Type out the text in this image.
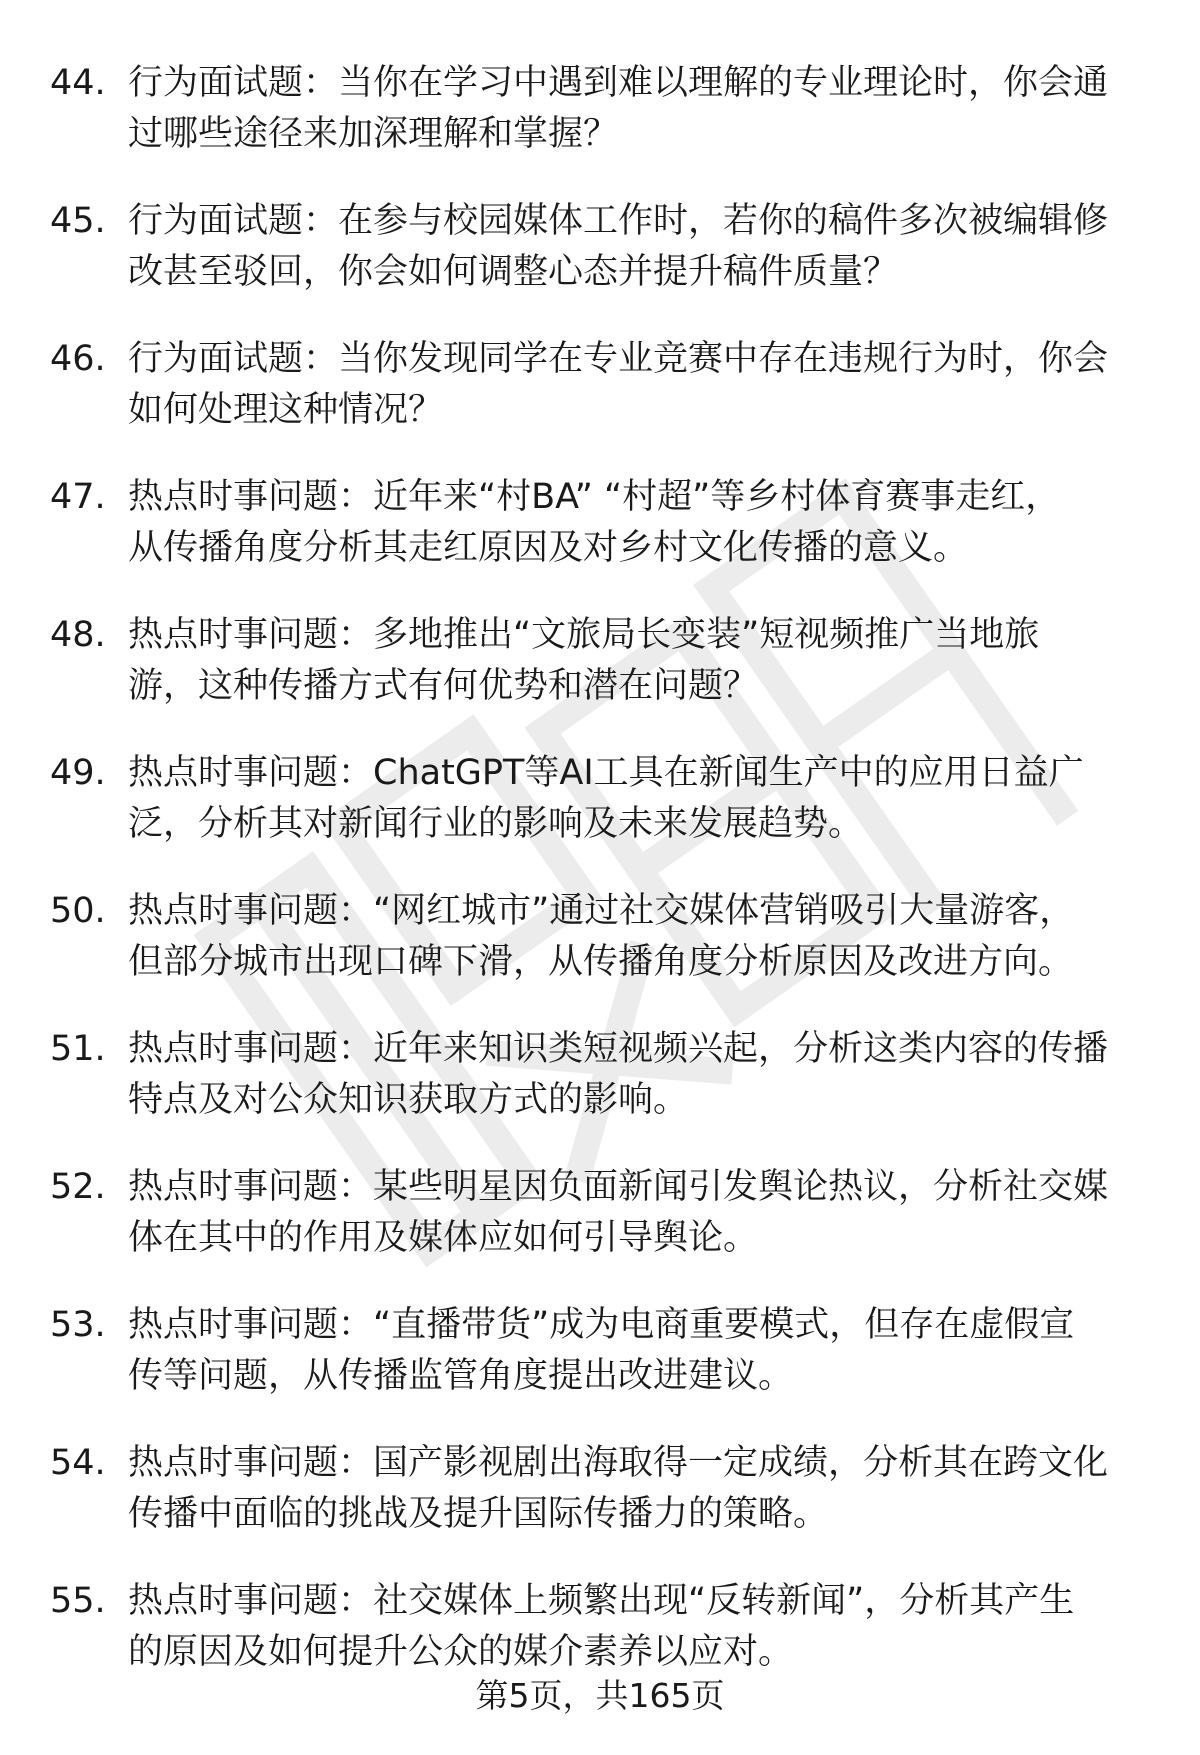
44. 行为面试题：当你在学习中遇到难以理解的专业理论时，你会通
过哪些途径来加深理解和掌握？
45. 行为面试题：在参与校园媒体工作时，若你的稿件多次被编辑修
改甚至驳回，你会如何调整心态并提升稿件质量？
46. 行为面试题：当你发现同学在专业竞赛中存在违规行为时，你会
如何处理这种情况？
47. 热点时事问题：近年来“村BA” “村超”等乡村体育赛事走红，
从传播角度分析其走红原因及对乡村文化传播的意义。
48. 热点时事问题：多地推出“文旅局长变装”短视频推广当地旅
游，这种传播方式有何优势和潜在问题？
49. 热点时事问题：ChatGPT等AI工具在新闻生产中的应用日益广
泛，分析其对新闻行业的影响及未来发展趋势。
50. 热点时事问题：“网红城市”通过社交媒体营销吸引大量游客，
但部分城市出现口碑下滑，从传播角度分析原因及改进方向。
51. 热点时事问题：近年来知识类短视频兴起，分析这类内容的传播
特点及对公众知识获取方式的影响。
52. 热点时事问题：某些明星因负面新闻引发舆论热议，分析社交媒
体在其中的作用及媒体应如何引导舆论。
53. 热点时事问题：“直播带货”成为电商重要模式，但存在虚假宣
传等问题，从传播监管角度提出改进建议。
54. 热点时事问题：国产影视剧出海取得一定成绩，分析其在跨文化
传播中面临的挑战及提升国际传播力的策略。
55. 热点时事问题：社交媒体上频繁出现“反转新闻”，分析其产生
的原因及如何提升公众的媒介素养以应对。
第5页，共165页
